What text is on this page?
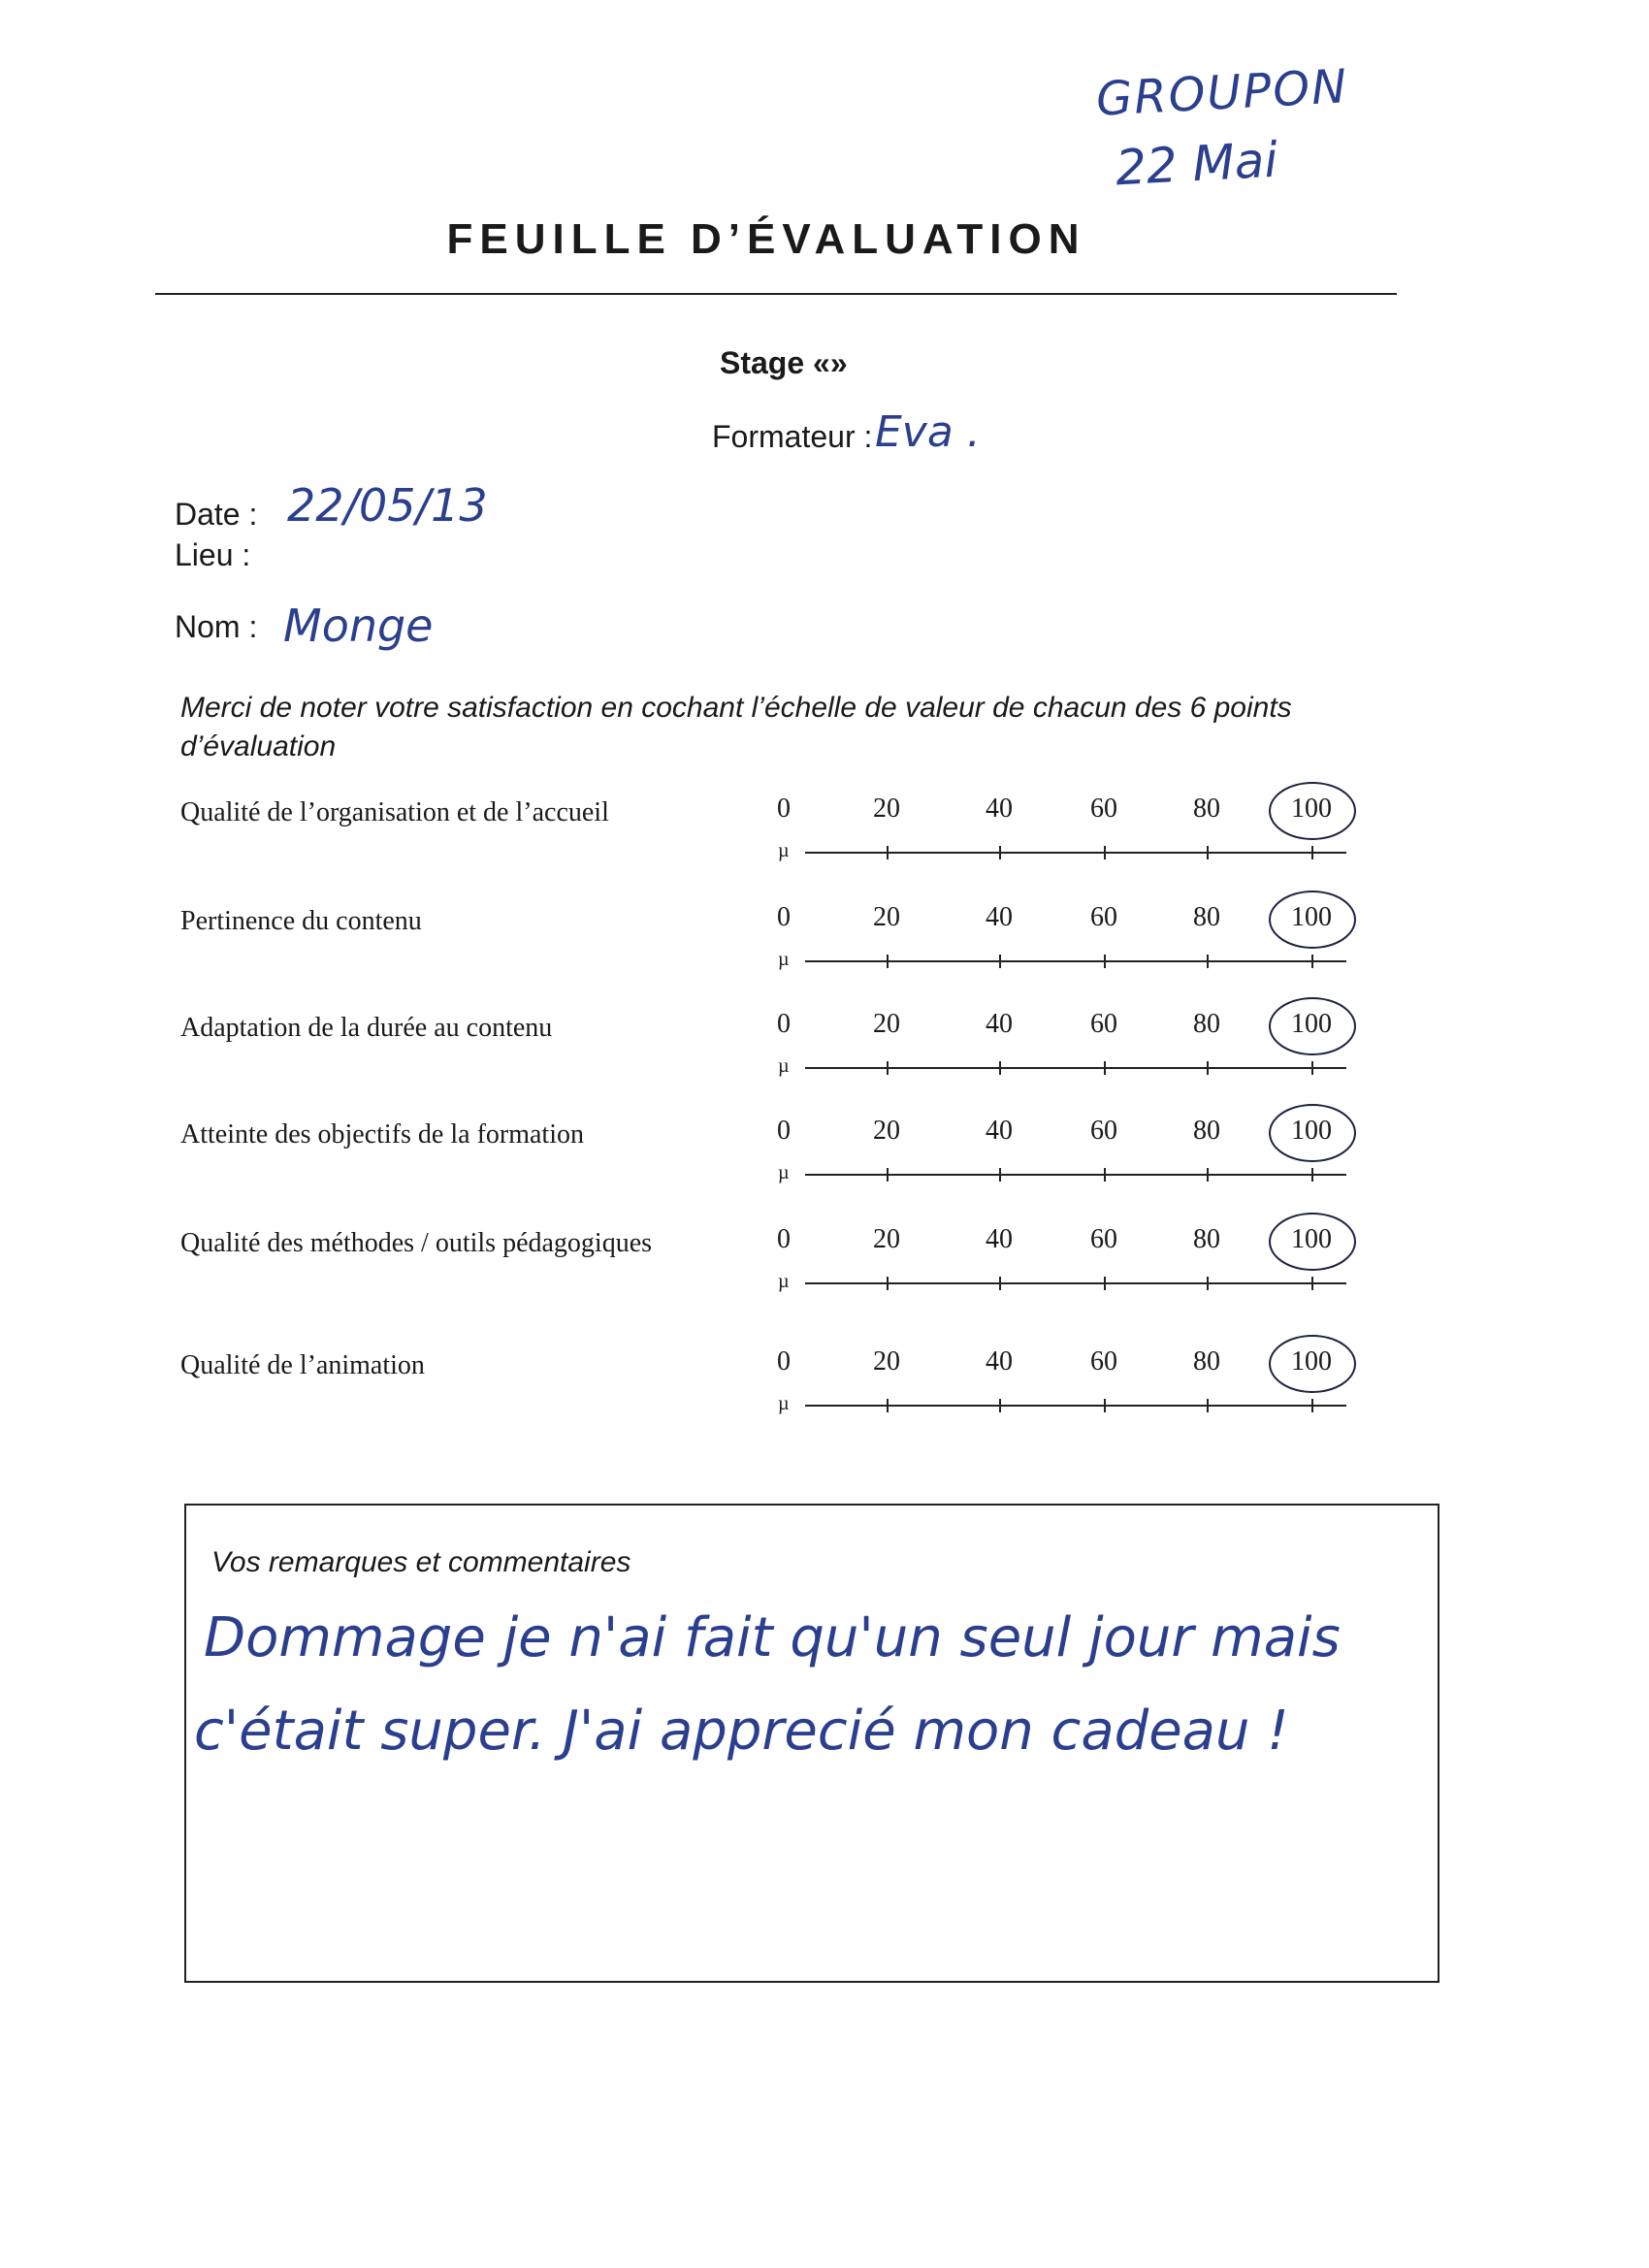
GROUPON
22 Mai
FEUILLE D’ÉVALUATION
Stage «»
Formateur : Eva .
Date : 22/05/13
Lieu :
Nom : Monge
Merci de noter votre satisfaction en cochant l’échelle de valeur de chacun des 6 points d’évaluation
Qualité de l’organisation et de l’accueil	0	20	40	60	80	100
µ
Pertinence du contenu	0	20	40	60	80	100
µ
Adaptation de la durée au contenu	0	20	40	60	80	100
µ
Atteinte des objectifs de la formation	0	20	40	60	80	100
µ
Qualité des méthodes / outils pédagogiques	0	20	40	60	80	100
µ
Qualité de l’animation	0	20	40	60	80	100
µ
Vos remarques et commentaires
Dommage je n'ai fait qu'un seul jour mais
c'était super. J'ai apprecié mon cadeau !
